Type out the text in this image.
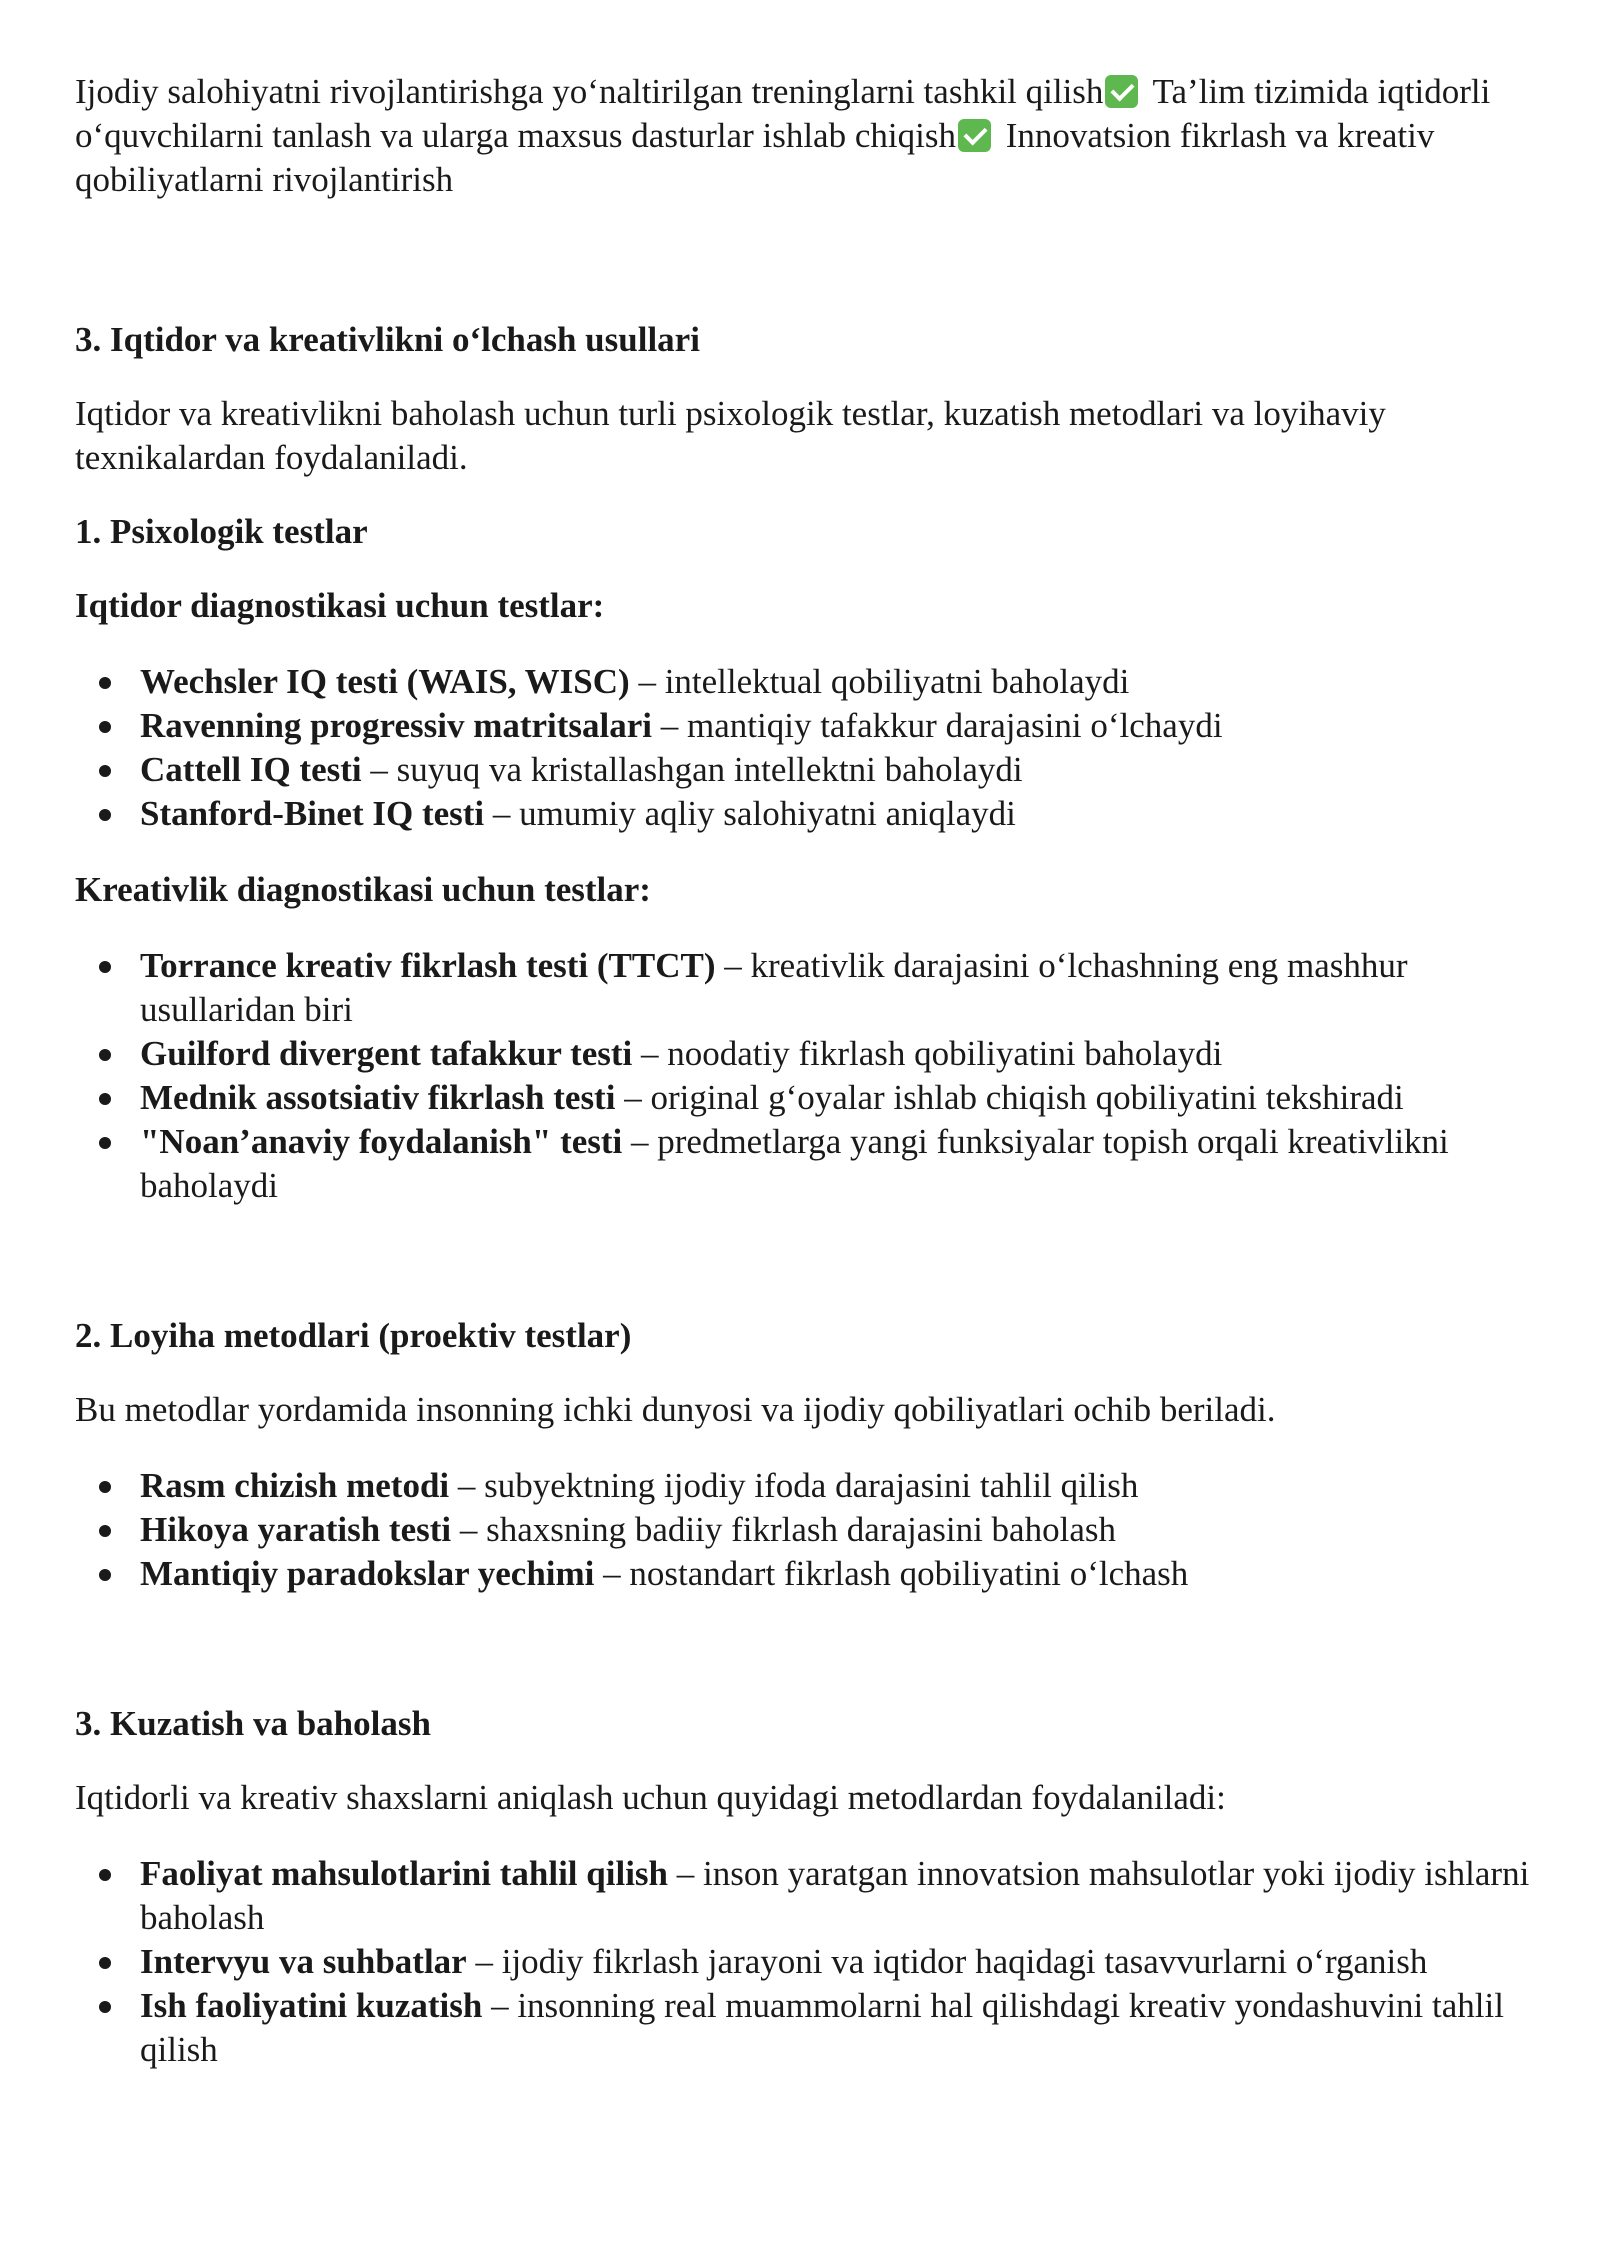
Ijodiy salohiyatni rivojlantirishga yo‘naltirilgan treninglarni tashkil qilish Ta’lim tizimida iqtidorli o‘quvchilarni tanlash va ularga maxsus dasturlar ishlab chiqish Innovatsion fikrlash va kreativ qobiliyatlarni rivojlantirish

3. Iqtidor va kreativlikni o‘lchash usullari

Iqtidor va kreativlikni baholash uchun turli psixologik testlar, kuzatish metodlari va loyihaviy texnikalardan foydalaniladi.

1. Psixologik testlar

Iqtidor diagnostikasi uchun testlar:

Wechsler IQ testi (WAIS, WISC) – intellektual qobiliyatni baholaydi
Ravenning progressiv matritsalari – mantiqiy tafakkur darajasini o‘lchaydi
Cattell IQ testi – suyuq va kristallashgan intellektni baholaydi
Stanford-Binet IQ testi – umumiy aqliy salohiyatni aniqlaydi

Kreativlik diagnostikasi uchun testlar:

Torrance kreativ fikrlash testi (TTCT) – kreativlik darajasini o‘lchashning eng mashhur usullaridan biri
Guilford divergent tafakkur testi – noodatiy fikrlash qobiliyatini baholaydi
Mednik assotsiativ fikrlash testi – original g‘oyalar ishlab chiqish qobiliyatini tekshiradi
"Noan’anaviy foydalanish" testi – predmetlarga yangi funksiyalar topish orqali kreativlikni baholaydi

2. Loyiha metodlari (proektiv testlar)

Bu metodlar yordamida insonning ichki dunyosi va ijodiy qobiliyatlari ochib beriladi.

Rasm chizish metodi – subyektning ijodiy ifoda darajasini tahlil qilish
Hikoya yaratish testi – shaxsning badiiy fikrlash darajasini baholash
Mantiqiy paradokslar yechimi – nostandart fikrlash qobiliyatini o‘lchash

3. Kuzatish va baholash

Iqtidorli va kreativ shaxslarni aniqlash uchun quyidagi metodlardan foydalaniladi:

Faoliyat mahsulotlarini tahlil qilish – inson yaratgan innovatsion mahsulotlar yoki ijodiy ishlarni baholash
Intervyu va suhbatlar – ijodiy fikrlash jarayoni va iqtidor haqidagi tasavvurlarni o‘rganish
Ish faoliyatini kuzatish – insonning real muammolarni hal qilishdagi kreativ yondashuvini tahlil qilish
